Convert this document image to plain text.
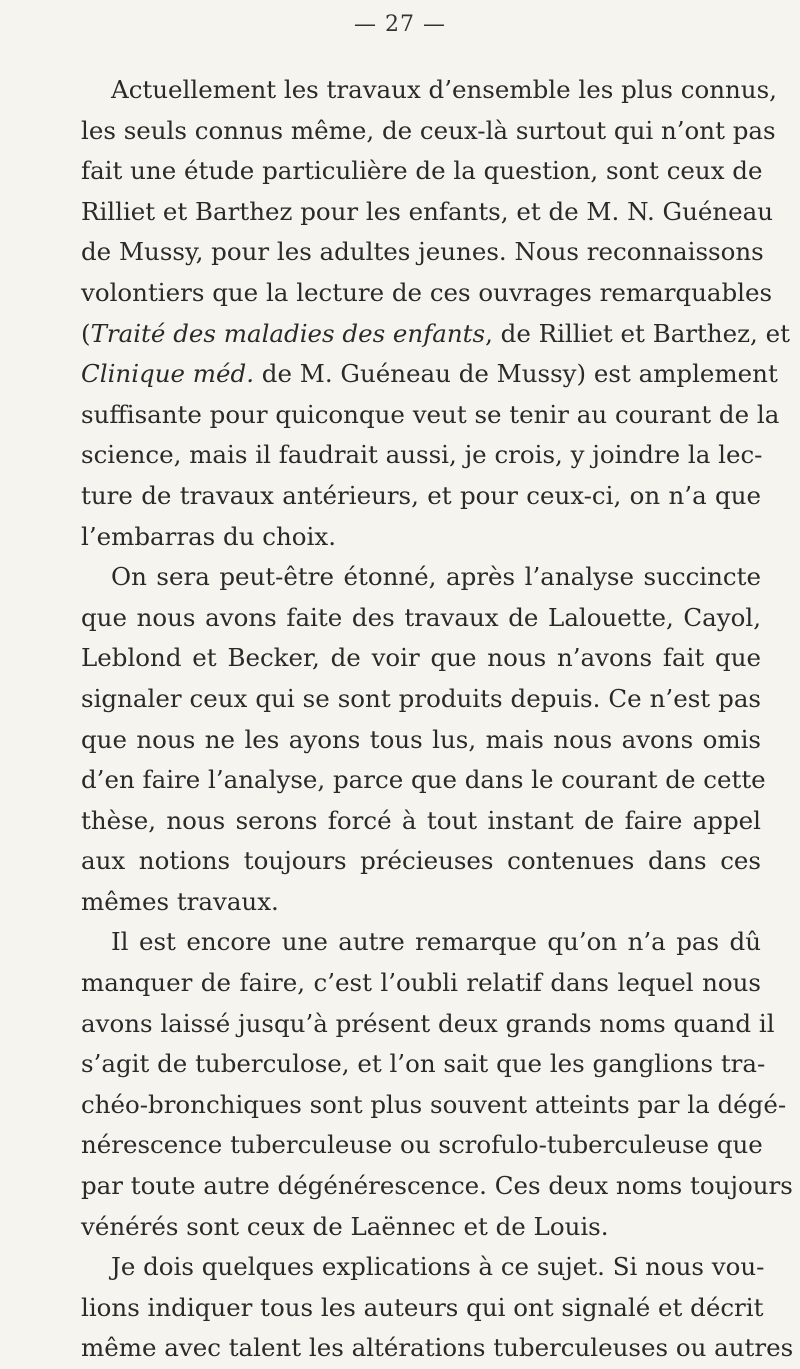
— 27 —
Actuellement les travaux d’ensemble les plus connus,
les seuls connus même, de ceux-là surtout qui n’ont pas
fait une étude particulière de la question, sont ceux de
Rilliet et Barthez pour les enfants, et de M. N. Guéneau
de Mussy, pour les adultes jeunes. Nous reconnaissons
volontiers que la lecture de ces ouvrages remarquables
(Traité des maladies des enfants, de Rilliet et Barthez, et
Clinique méd. de M. Guéneau de Mussy) est amplement
suffisante pour quiconque veut se tenir au courant de la
science, mais il faudrait aussi, je crois, y joindre la lec-
ture de travaux antérieurs, et pour ceux-ci, on n’a que
l’embarras du choix.
On sera peut-être étonné, après l’analyse succincte
que nous avons faite des travaux de Lalouette, Cayol,
Leblond et Becker, de voir que nous n’avons fait que
signaler ceux qui se sont produits depuis. Ce n’est pas
que nous ne les ayons tous lus, mais nous avons omis
d’en faire l’analyse, parce que dans le courant de cette
thèse, nous serons forcé à tout instant de faire appel
aux notions toujours précieuses contenues dans ces
mêmes travaux.
Il est encore une autre remarque qu’on n’a pas dû
manquer de faire, c’est l’oubli relatif dans lequel nous
avons laissé jusqu’à présent deux grands noms quand il
s’agit de tuberculose, et l’on sait que les ganglions tra-
chéo-bronchiques sont plus souvent atteints par la dégé-
nérescence tuberculeuse ou scrofulo-tuberculeuse que
par toute autre dégénérescence. Ces deux noms toujours
vénérés sont ceux de Laënnec et de Louis.
Je dois quelques explications à ce sujet. Si nous vou-
lions indiquer tous les auteurs qui ont signalé et décrit
même avec talent les altérations tuberculeuses ou autres
